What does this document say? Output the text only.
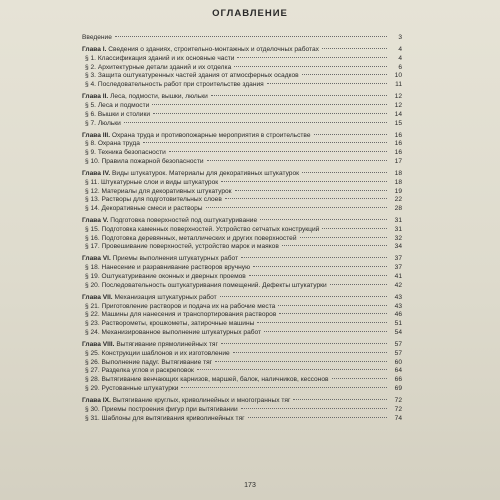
ОГЛАВЛЕНИЕ
Введение	3
Глава I. Сведения о зданиях, строительно-монтажных и отделочных работах	4
§ 1. Классификация зданий и их основные части	4
§ 2. Архитектурные детали зданий и их отделка	6
§ 3. Защита оштукатуренных частей здания от атмосферных осадков	10
§ 4. Последовательность работ при строительстве здания	11
Глава II. Леса, подмости, вышки, люльки	12
§ 5. Леса и подмости	12
§ 6. Вышки и столики	14
§ 7. Люльки	15
Глава III. Охрана труда и противопожарные мероприятия в строительстве	16
§ 8. Охрана труда	16
§ 9. Техника безопасности	16
§ 10. Правила пожарной безопасности	17
Глава IV. Виды штукатурок. Материалы для декоративных штукатурок	18
§ 11. Штукатурные слои и виды штукатурок	18
§ 12. Материалы для декоративных штукатурок	19
§ 13. Растворы для подготовительных слоев	22
§ 14. Декоративные смеси и растворы	28
Глава V. Подготовка поверхностей под оштукатуривание	31
§ 15. Подготовка каменных поверхностей. Устройство сетчатых конструкций	31
§ 16. Подготовка деревянных, металлических и других поверхностей	32
§ 17. Провешивание поверхностей, устройство марок и маяков	34
Глава VI. Приемы выполнения штукатурных работ	37
§ 18. Нанесение и разравнивание растворов вручную	37
§ 19. Оштукатуривание оконных и дверных проемов	41
§ 20. Последовательность оштукатуривания помещений. Дефекты штукатурки	42
Глава VII. Механизация штукатурных работ	43
§ 21. Приготовление растворов и подача их на рабочие места	43
§ 22. Машины для нанесения и транспортирования растворов	46
§ 23. Растворометы, крошкометы, затирочные машины	51
§ 24. Механизированное выполнение штукатурных работ	54
Глава VIII. Вытягивание прямолинейных тяг	57
§ 25. Конструкции шаблонов и их изготовление	57
§ 26. Выполнение падуг. Вытягивание тяг	60
§ 27. Разделка углов и раскреповок	64
§ 28. Вытягивание венчающих карнизов, маршей, балок, наличников, кессонов	66
§ 29. Рустованные штукатурки	69
Глава IX. Вытягивание круглых, криволинейных и многогранных тяг	72
§ 30. Приемы построения фигур при вытягивании	72
§ 31. Шаблоны для вытягивания криволинейных тяг	74
173
